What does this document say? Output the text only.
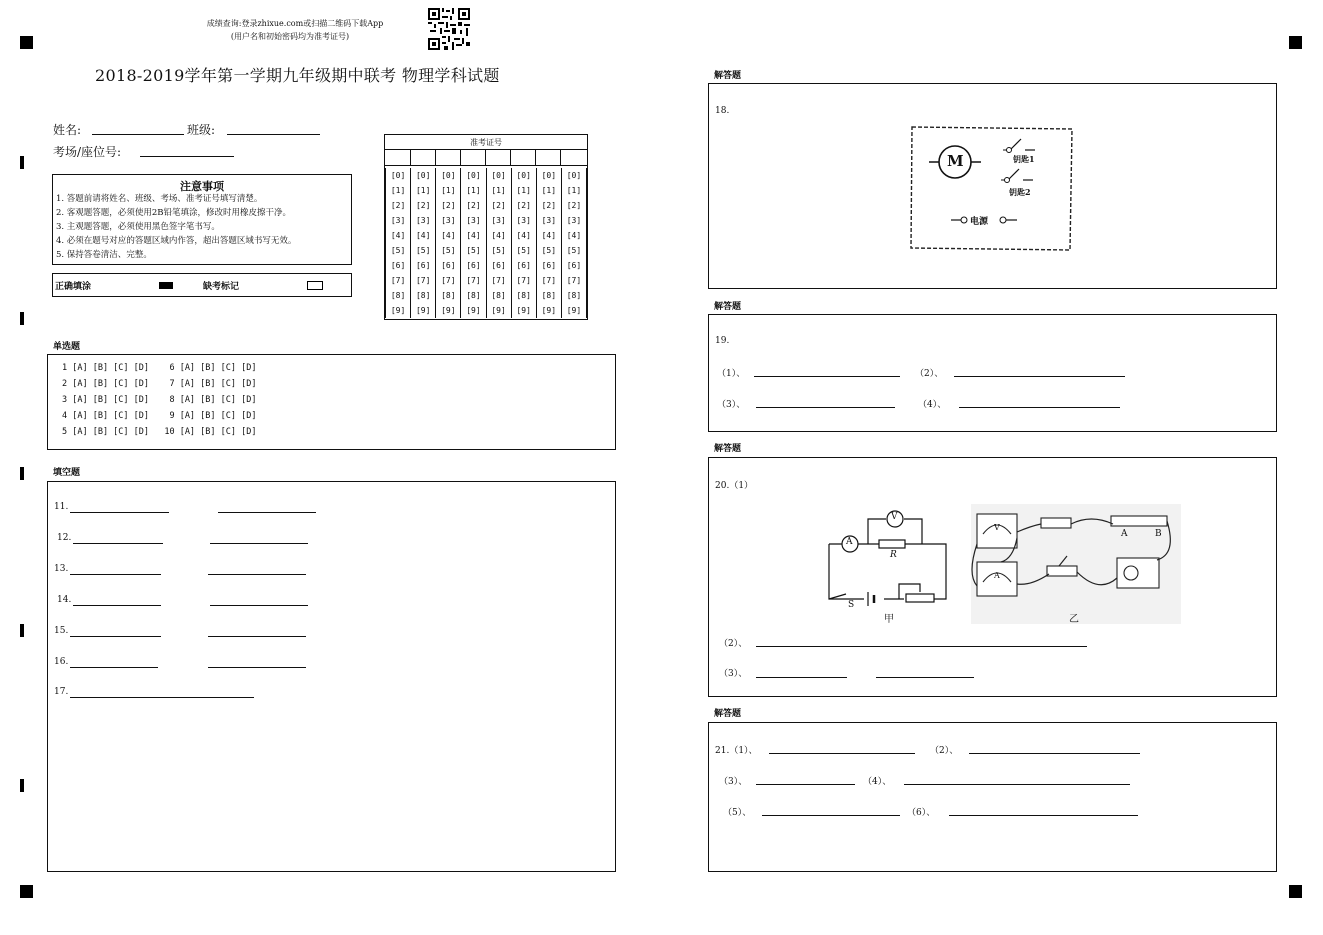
成绩查询:登录zhixue.com或扫描二维码下载App
(用户名和初始密码均为准考证号)
2018-2019学年第一学期九年级期中联考 物理学科试题
姓名:	班级:
考场/座位号:
注意事项
1. 答题前请将姓名、班级、考场、准考证号填写清楚。
2. 客观题答题，必须使用2B铅笔填涂，修改时用橡皮擦干净。
3. 主观题答题，必须使用黑色签字笔书写。
4. 必须在题号对应的答题区域内作答，超出答题区域书写无效。
5. 保持答卷清洁、完整。
正确填涂	缺考标记
准考证号
[0]	[0]	[0]	[0]	[0]	[0]	[0]	[0]
[1]	[1]	[1]	[1]	[1]	[1]	[1]	[1]
[2]	[2]	[2]	[2]	[2]	[2]	[2]	[2]
[3]	[3]	[3]	[3]	[3]	[3]	[3]	[3]
[4]	[4]	[4]	[4]	[4]	[4]	[4]	[4]
[5]	[5]	[5]	[5]	[5]	[5]	[5]	[5]
[6]	[6]	[6]	[6]	[6]	[6]	[6]	[6]
[7]	[7]	[7]	[7]	[7]	[7]	[7]	[7]
[8]	[8]	[8]	[8]	[8]	[8]	[8]	[8]
[9]	[9]	[9]	[9]	[9]	[9]	[9]	[9]
单选题
1 [A] [B] [C] [D]    6 [A] [B] [C] [D]
2 [A] [B] [C] [D]    7 [A] [B] [C] [D]
3 [A] [B] [C] [D]    8 [A] [B] [C] [D]
4 [A] [B] [C] [D]    9 [A] [B] [C] [D]
5 [A] [B] [C] [D]   10 [A] [B] [C] [D]
填空题
11.
12.
13.
14.
15.
16.
17.
解答题
18.
M	钥匙1
钥匙2
电源
解答题
19.
（1）、	（2）、
（3）、	（4）、
解答题
20.（1）
A
V
R
S
甲
V
A
A	B
乙
（2）、
（3）、
解答题
21.（1）、	（2）、
（3）、	（4）、
（5）、	（6）、
